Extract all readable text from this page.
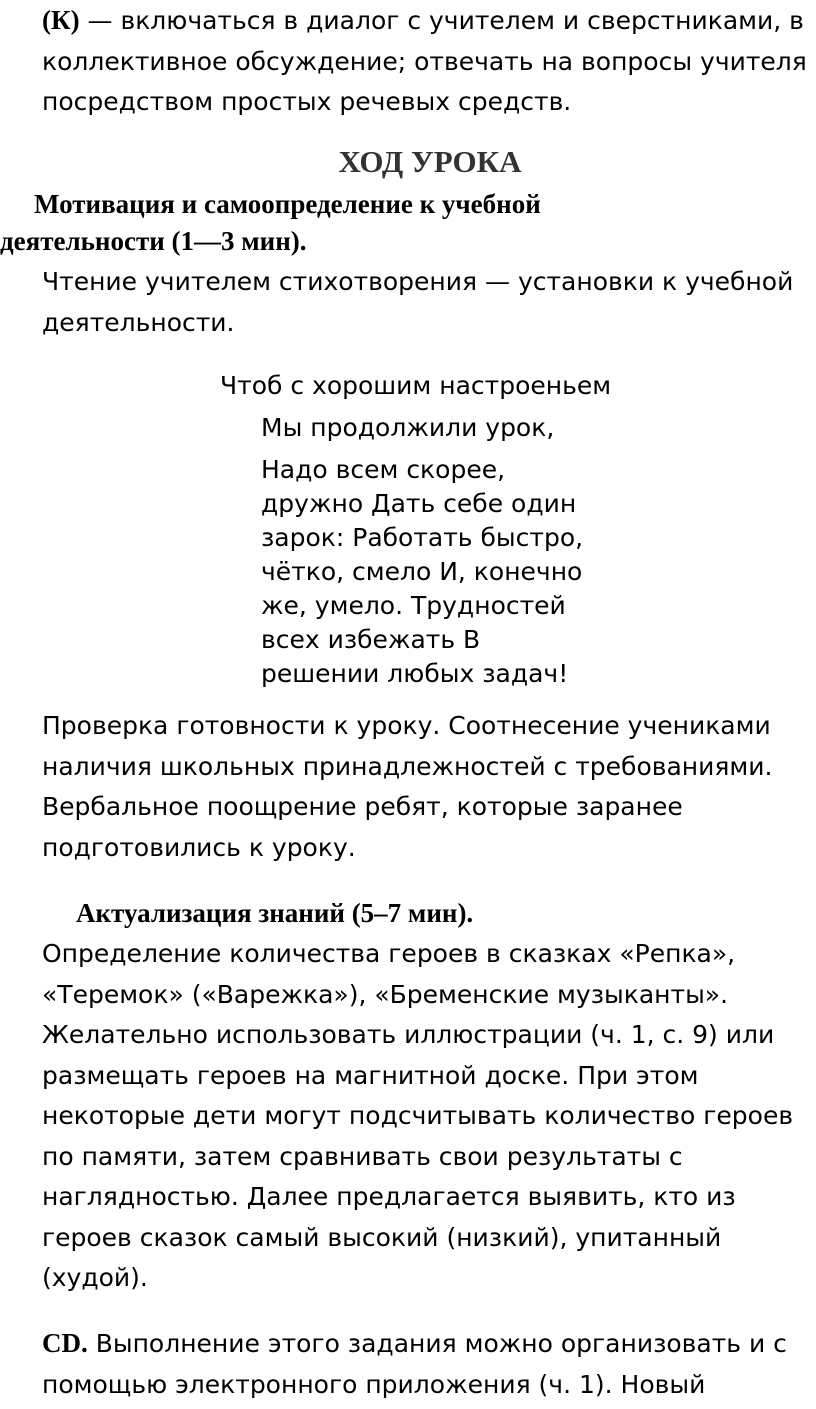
(К) — включаться в диалог с учителем и сверстниками, в коллективное обсуждение; отвечать на вопросы учителя посредством простых речевых средств.

ХОД УРОКА
Мотивация и самоопределение к учебной
деятельности (1—3 мин).

Чтение учителем стихотворения — установки к учебной деятельности.

Чтоб с хорошим настроеньем
Мы продолжили урок,
Надо всем скорее, дружно Дать себе один зарок: Работать быстро, чётко, смело И, конечно же, умело. Трудностей всех избежать В решении любых задач!

Проверка готовности к уроку. Соотнесение учениками наличия школьных принадлежностей с требованиями. Вербальное поощрение ребят, которые заранее подготовились к уроку.

Актуализация знаний (5–7 мин).

Определение количества героев в сказках «Репка», «Теремок» («Варежка»), «Бременские музыканты». Желательно использовать иллюстрации (ч. 1, с. 9) или размещать героев на магнитной доске. При этом некоторые дети могут подсчитывать количество героев по памяти, затем сравнивать свои результаты с наглядностью. Далее предлагается выявить, кто из героев сказок самый высокий (низкий), упитанный (худой).

CD. Выполнение этого задания можно организовать и с помощью электронного приложения (ч. 1). Новый
